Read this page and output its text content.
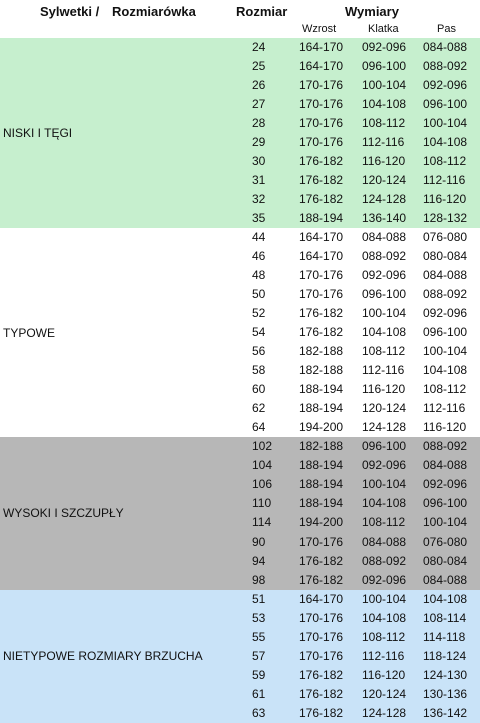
Sylwetki / Rozmiarówka	Rozmiar	Wymiary
Wzrost	Klatka	Pas
NISKI I TĘGI
24	164-170 092-096 084-088
25	164-170 096-100 088-092
26	170-176 100-104 092-096
27	170-176 104-108 096-100
28	170-176 108-112 100-104
29	170-176 112-116 104-108
30	176-182 116-120 108-112
31	176-182 120-124 112-116
32	176-182 124-128 116-120
35	188-194 136-140 128-132
TYPOWE
44	164-170 084-088 076-080
46	164-170 088-092 080-084
48	170-176 092-096 084-088
50	170-176 096-100 088-092
52	176-182 100-104 092-096
54	176-182 104-108 096-100
56	182-188 108-112 100-104
58	182-188 112-116 104-108
60	188-194 116-120 108-112
62	188-194 120-124 112-116
64	194-200 124-128 116-120
WYSOKI I SZCZUPŁY
102 182-188 096-100 088-092
104 188-194 092-096 084-088
106 188-194 100-104 092-096
110 188-194 104-108 096-100
114 194-200 108-112 100-104
90	170-176 084-088 076-080
94	176-182 088-092 080-084
98	176-182 092-096 084-088
NIETYPOWE ROZMIARY BRZUCHA
51	164-170 100-104 104-108
53	170-176 104-108 108-114
55	170-176 108-112 114-118
57	170-176 112-116 118-124
59	176-182 116-120 124-130
61	176-182 120-124 130-136
63	176-182 124-128 136-142
